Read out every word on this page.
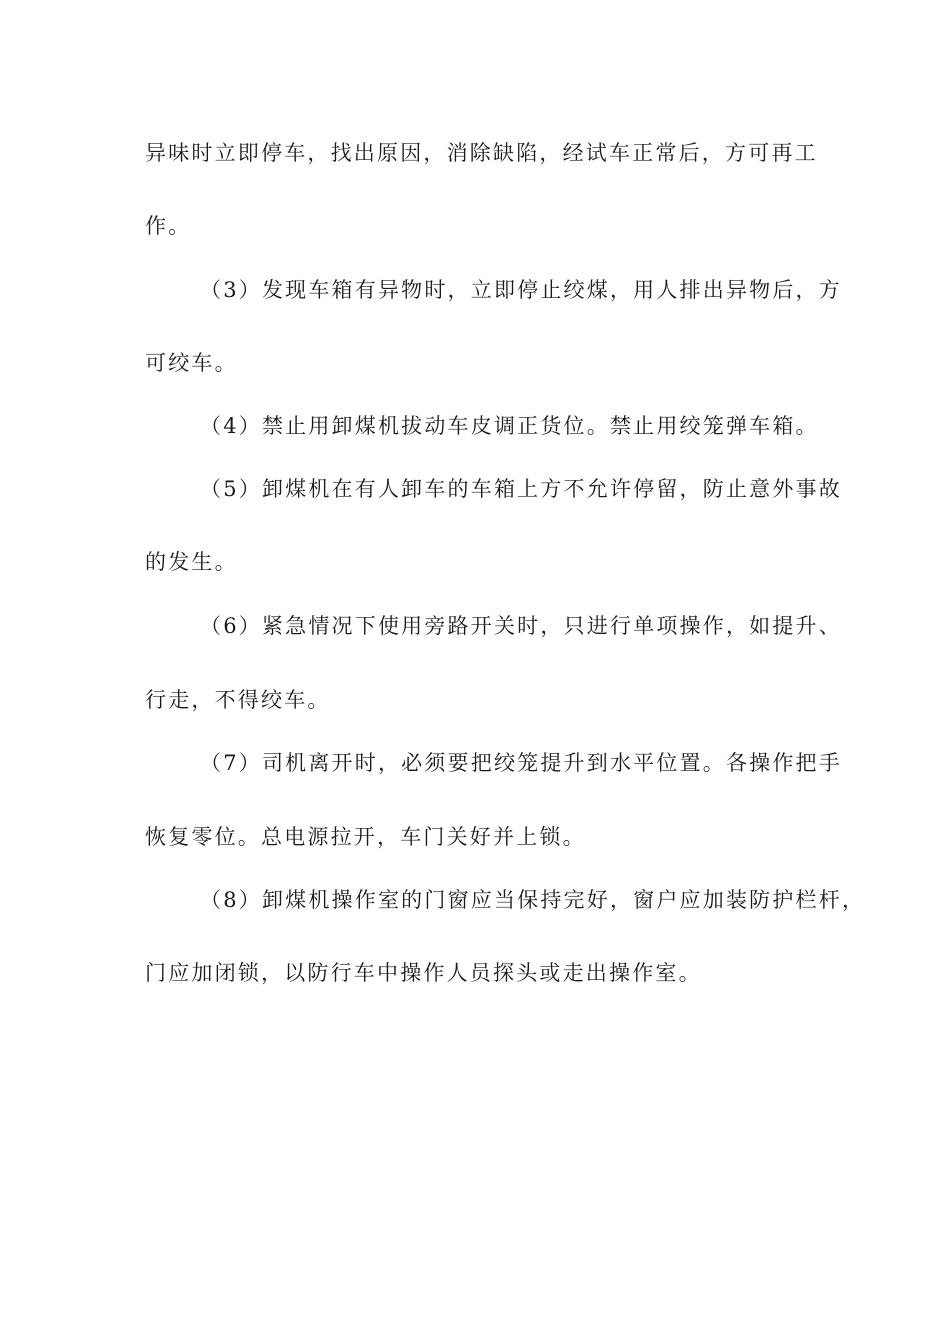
异味时立即停车，找出原因，消除缺陷，经试车正常后，方可再工
作。
（3）发现车箱有异物时，立即停止绞煤，用人排出异物后，方
可绞车。
（4）禁止用卸煤机拔动车皮调正货位。禁止用绞笼弹车箱。
（5）卸煤机在有人卸车的车箱上方不允许停留，防止意外事故
的发生。
（6）紧急情况下使用旁路开关时，只进行单项操作，如提升、
行走，不得绞车。
（7）司机离开时，必须要把绞笼提升到水平位置。各操作把手
恢复零位。总电源拉开，车门关好并上锁。
（8）卸煤机操作室的门窗应当保持完好，窗户应加装防护栏杆，
门应加闭锁，以防行车中操作人员探头或走出操作室。
